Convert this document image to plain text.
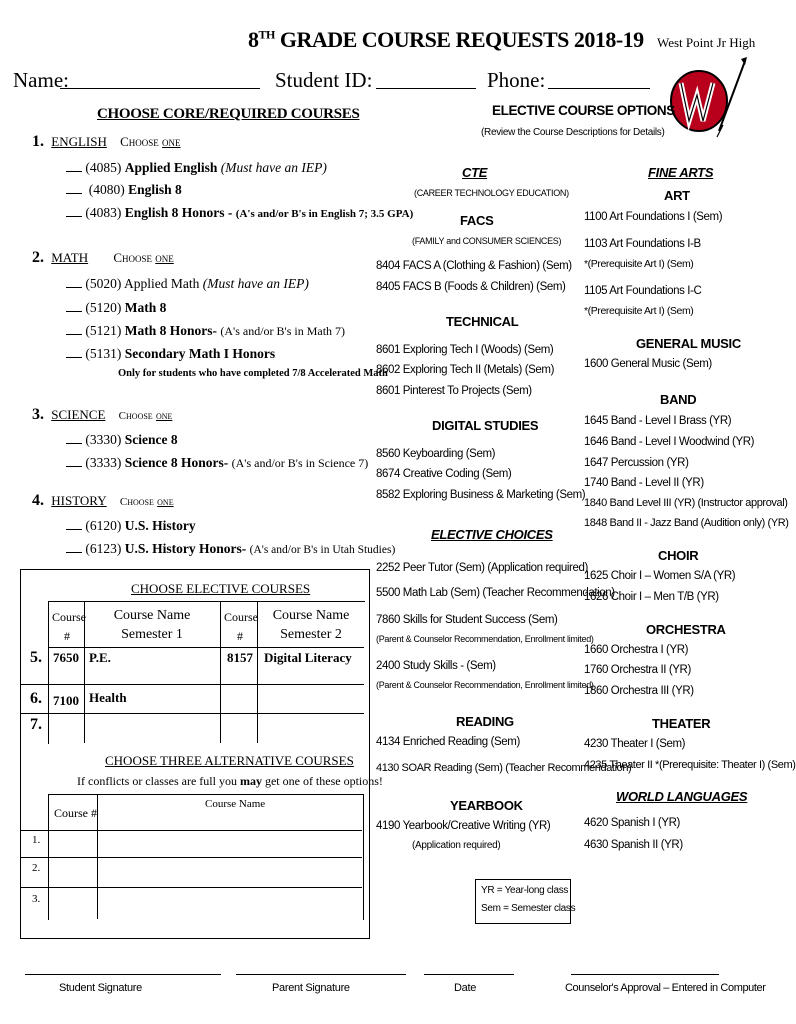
8TH GRADE COURSE REQUESTS 2018-19 West Point Jr High
Name:	Student ID:	Phone:
CHOOSE CORE/REQUIRED COURSES
1. ENGLISH Choose one
(4085) Applied English (Must have an IEP)
(4080) English 8
(4083) English 8 Honors - (A's and/or B's in English 7; 3.5 GPA)
2. MATH Choose one
(5020) Applied Math (Must have an IEP)
(5120) Math 8
(5121) Math 8 Honors- (A's and/or B's in Math 7)
(5131) Secondary Math I Honors
Only for students who have completed 7/8 Accelerated Math
3. SCIENCE Choose one
(3330) Science 8
(3333) Science 8 Honors- (A's and/or B's in Science 7)
4. HISTORY Choose one
(6120) U.S. History
(6123) U.S. History Honors- (A's and/or B's in Utah Studies)
CHOOSE ELECTIVE COURSES
Course
#
Course Name
Semester 1
Course
#
Course Name
Semester 2
5. 7650 P.E.	8157 Digital Literacy
6. 7100 Health
7.
CHOOSE THREE ALTERNATIVE COURSES
If conflicts or classes are full you may get one of these options!
Course #
Course Name
1.
2.
3.
ELECTIVE COURSE OPTIONS
(Review the Course Descriptions for Details)
CTE
(CAREER TECHNOLOGY EDUCATION)
FACS
(FAMILY and CONSUMER SCIENCES)
8404 FACS A (Clothing & Fashion) (Sem)
8405 FACS B (Foods & Children) (Sem)
TECHNICAL
8601 Exploring Tech I (Woods) (Sem)
8602 Exploring Tech II (Metals) (Sem)
8601 Pinterest To Projects (Sem)
DIGITAL STUDIES
8560 Keyboarding (Sem)
8674 Creative Coding (Sem)
8582 Exploring Business & Marketing (Sem)
ELECTIVE CHOICES
2252 Peer Tutor (Sem) (Application required)
5500 Math Lab (Sem) (Teacher Recommendation)
7860 Skills for Student Success (Sem)
(Parent & Counselor Recommendation, Enrollment limited)
2400 Study Skills - (Sem)
(Parent & Counselor Recommendation, Enrollment limited)
READING
4134 Enriched Reading (Sem)
4130 SOAR Reading (Sem) (Teacher Recommendation)
YEARBOOK
4190 Yearbook/Creative Writing (YR)
(Application required)
YR = Year-long class
Sem = Semester class
FINE ARTS
ART
1100 Art Foundations I (Sem)
1103 Art Foundations I-B
*(Prerequisite Art I) (Sem)
1105 Art Foundations I-C
*(Prerequisite Art I) (Sem)
GENERAL MUSIC
1600 General Music (Sem)
BAND
1645 Band - Level I Brass (YR)
1646 Band - Level I Woodwind (YR)
1647 Percussion (YR)
1740 Band - Level II (YR)
1840 Band Level III (YR) (Instructor approval)
1848 Band II - Jazz Band (Audition only) (YR)
CHOIR
1625 Choir I – Women S/A (YR)
1626 Choir I – Men T/B (YR)
ORCHESTRA
1660 Orchestra I (YR)
1760 Orchestra II (YR)
1860 Orchestra III (YR)
THEATER
4230 Theater I (Sem)
4235 Theater II *(Prerequisite: Theater I) (Sem)
WORLD LANGUAGES
4620 Spanish I (YR)
4630 Spanish II (YR)
Student Signature	Parent Signature	Date	Counselor's Approval – Entered in Computer
